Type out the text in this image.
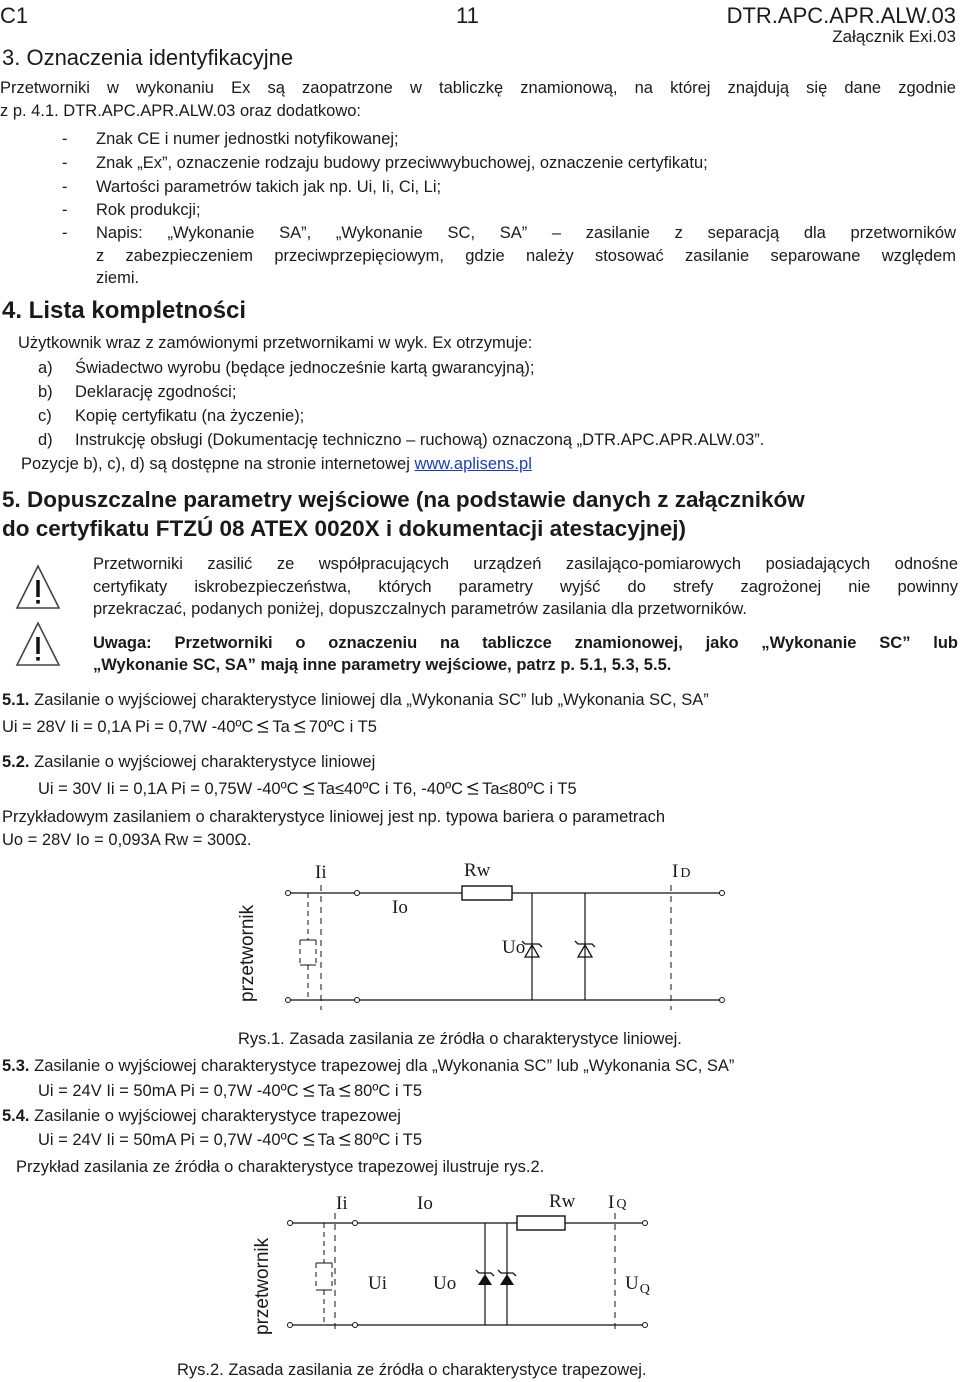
C1	11	DTR.APC.APR.ALW.03
Załącznik Exi.03
3. Oznaczenia identyfikacyjne
Przetworniki w wykonaniu Ex są zaopatrzone w tabliczkę znamionową, na której znajdują się dane zgodnie
z p. 4.1. DTR.APC.APR.ALW.03 oraz dodatkowo:
- Znak CE i numer jednostki notyfikowanej;
- Znak „Ex”, oznaczenie rodzaju budowy przeciwwybuchowej, oznaczenie certyfikatu;
- Wartości parametrów takich jak np. Ui, Ii, Ci, Li;
- Rok produkcji;
- Napis: „Wykonanie SA”, „Wykonanie SC, SA” – zasilanie z separacją dla przetworników
z zabezpieczeniem przeciwprzepięciowym, gdzie należy stosować zasilanie separowane względem
ziemi.
4. Lista kompletności
Użytkownik wraz z zamówionymi przetwornikami w wyk. Ex otrzymuje:
a) Świadectwo wyrobu (będące jednocześnie kartą gwarancyjną);
b) Deklarację zgodności;
c) Kopię certyfikatu (na życzenie);
d) Instrukcję obsługi (Dokumentację techniczno – ruchową) oznaczoną „DTR.APC.APR.ALW.03”.
Pozycje b), c), d) są dostępne na stronie internetowej www.aplisens.pl
5. Dopuszczalne parametry wejściowe (na podstawie danych z załączników
do certyfikatu FTZÚ 08 ATEX 0020X i dokumentacji atestacyjnej)
Przetworniki zasilić ze współpracujących urządzeń zasilająco-pomiarowych posiadających odnośne
certyfikaty iskrobezpieczeństwa, których parametry wyjść do strefy zagrożonej nie powinny
przekraczać, podanych poniżej, dopuszczalnych parametrów zasilania dla przetworników.
Uwaga: Przetworniki o oznaczeniu na tabliczce znamionowej, jako „Wykonanie SC” lub
„Wykonanie SC, SA” mają inne parametry wejściowe, patrz p. 5.1, 5.3, 5.5.
5.1. Zasilanie o wyjściowej charakterystyce liniowej dla „Wykonania SC” lub „Wykonania SC, SA”
Ui = 28V Ii = 0,1A Pi = 0,7W -40ºC Ta 70ºC i T5
5.2. Zasilanie o wyjściowej charakterystyce liniowej
Ui = 30V Ii = 0,1A Pi = 0,75W -40ºC Ta≤40ºC i T6, -40ºC Ta≤80ºC i T5
Przykładowym zasilaniem o charakterystyce liniowej jest np. typowa bariera o parametrach
Uo = 28V Io = 0,093A Rw = 300Ω.
przetwornik
Ii	Rw	I D
Io
Uo
Rys.1. Zasada zasilania ze źródła o charakterystyce liniowej.
5.3. Zasilanie o wyjściowej charakterystyce trapezowej dla „Wykonania SC” lub „Wykonania SC, SA”
Ui = 24V Ii = 50mA Pi = 0,7W -40ºC Ta 80ºC i T5
5.4. Zasilanie o wyjściowej charakterystyce trapezowej
Ui = 24V Ii = 50mA Pi = 0,7W -40ºC Ta 80ºC i T5
Przykład zasilania ze źródła o charakterystyce trapezowej ilustruje rys.2.
przetwornik
Ii	Io	Rw I Q
Ui Uo	$U_Q$
Rys.2. Zasada zasilania ze źródła o charakterystyce trapezowej.
